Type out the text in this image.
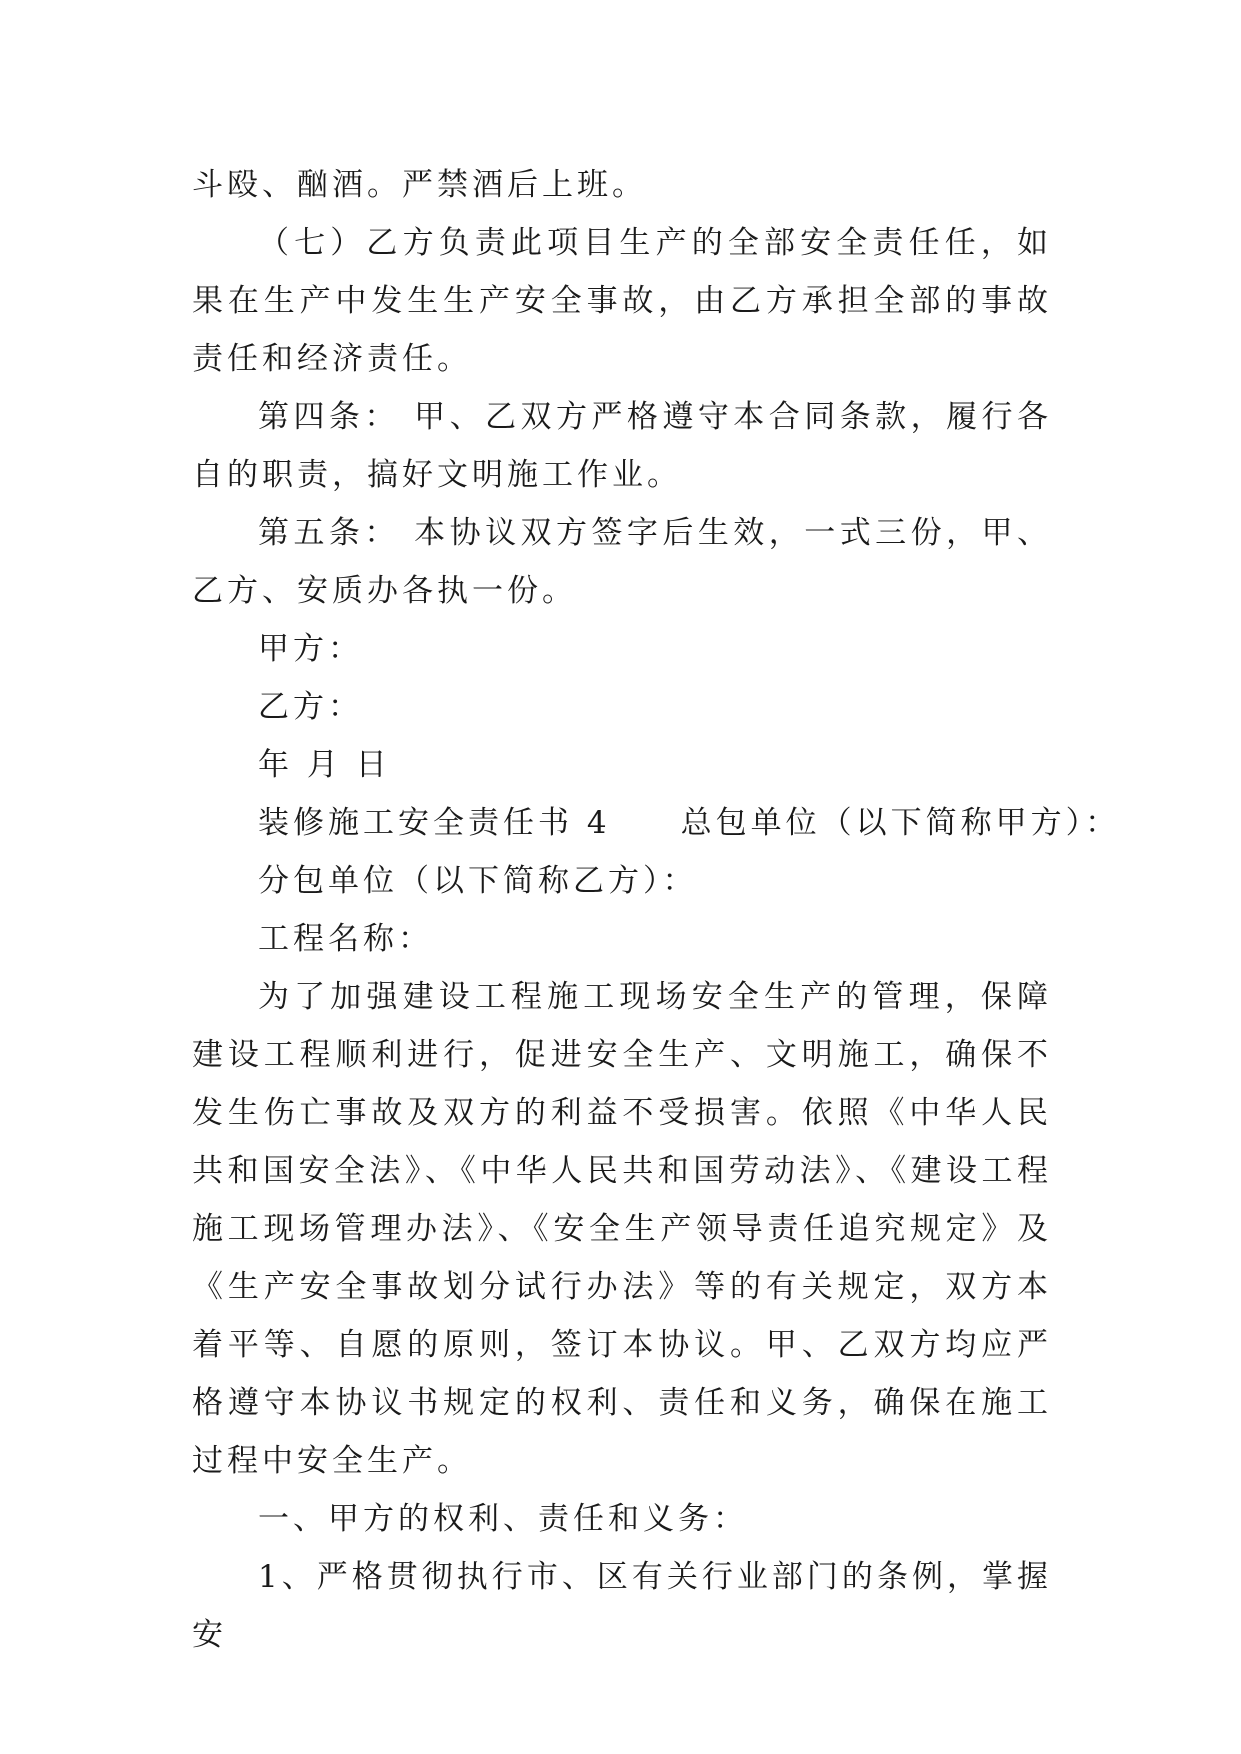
斗殴、酗酒。严禁酒后上班。

（七）乙方负责此项目生产的全部安全责任任，如果在生产中发生生产安全事故，由乙方承担全部的事故责任和经济责任。

第四条： 甲、乙双方严格遵守本合同条款，履行各自的职责，搞好文明施工作业。

第五条： 本协议双方签字后生效，一式三份，甲、乙方、安质办各执一份。

甲方：

乙方：

年 月 日

装修施工安全责任书 4　　总包单位（以下简称甲方）：

分包单位（以下简称乙方）：

工程名称：

为了加强建设工程施工现场安全生产的管理，保障建设工程顺利进行，促进安全生产、文明施工，确保不发生伤亡事故及双方的利益不受损害。依照《中华人民共和国安全法》、《中华人民共和国劳动法》、《建设工程施工现场管理办法》、《安全生产领导责任追究规定》及《生产安全事故划分试行办法》等的有关规定，双方本着平等、自愿的原则，签订本协议。甲、乙双方均应严格遵守本协议书规定的权利、责任和义务，确保在施工过程中安全生产。

一、甲方的权利、责任和义务：

1、严格贯彻执行市、区有关行业部门的条例，掌握安
